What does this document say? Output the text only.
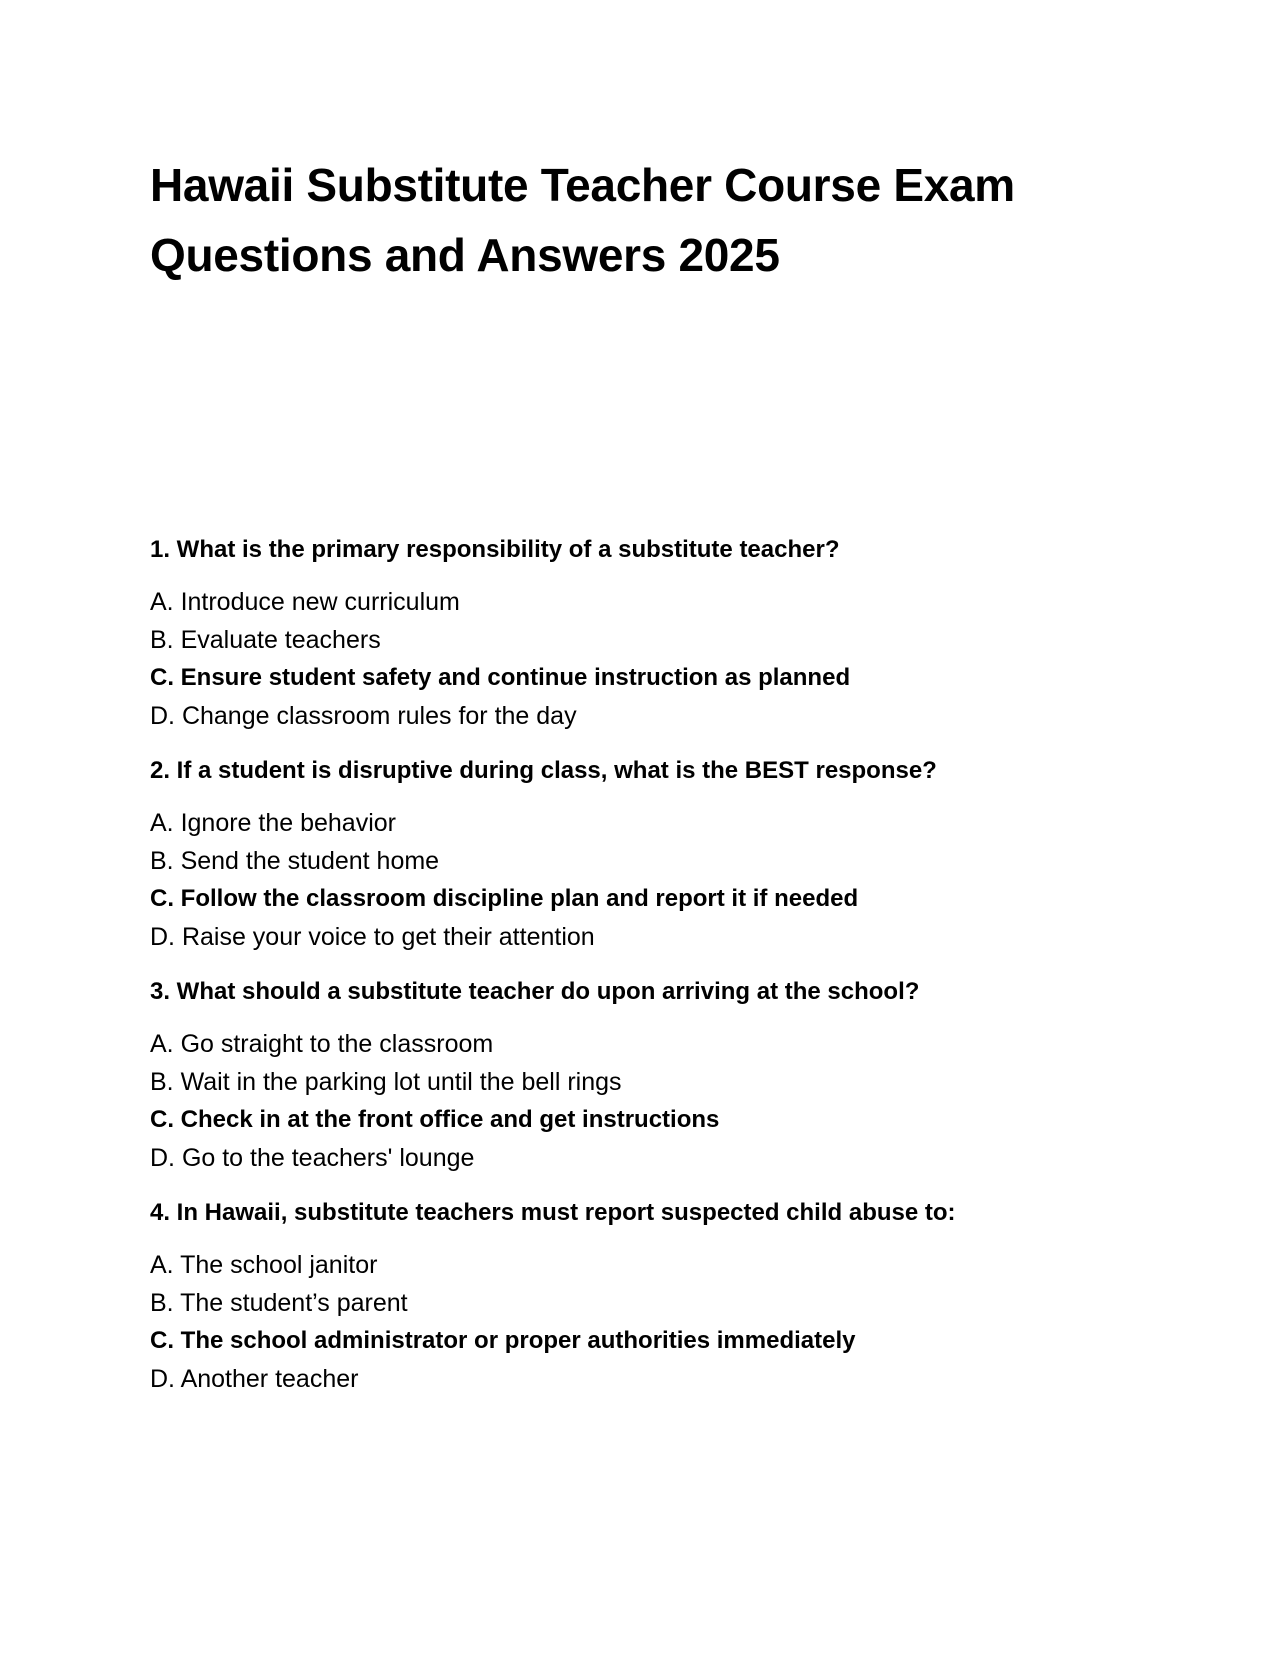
Hawaii Substitute Teacher Course Exam
Questions and Answers 2025

1. What is the primary responsibility of a substitute teacher?

A. Introduce new curriculum
B. Evaluate teachers
C. Ensure student safety and continue instruction as planned
D. Change classroom rules for the day

2. If a student is disruptive during class, what is the BEST response?

A. Ignore the behavior
B. Send the student home
C. Follow the classroom discipline plan and report it if needed
D. Raise your voice to get their attention

3. What should a substitute teacher do upon arriving at the school?

A. Go straight to the classroom
B. Wait in the parking lot until the bell rings
C. Check in at the front office and get instructions
D. Go to the teachers' lounge

4. In Hawaii, substitute teachers must report suspected child abuse to:

A. The school janitor
B. The student’s parent
C. The school administrator or proper authorities immediately
D. Another teacher
